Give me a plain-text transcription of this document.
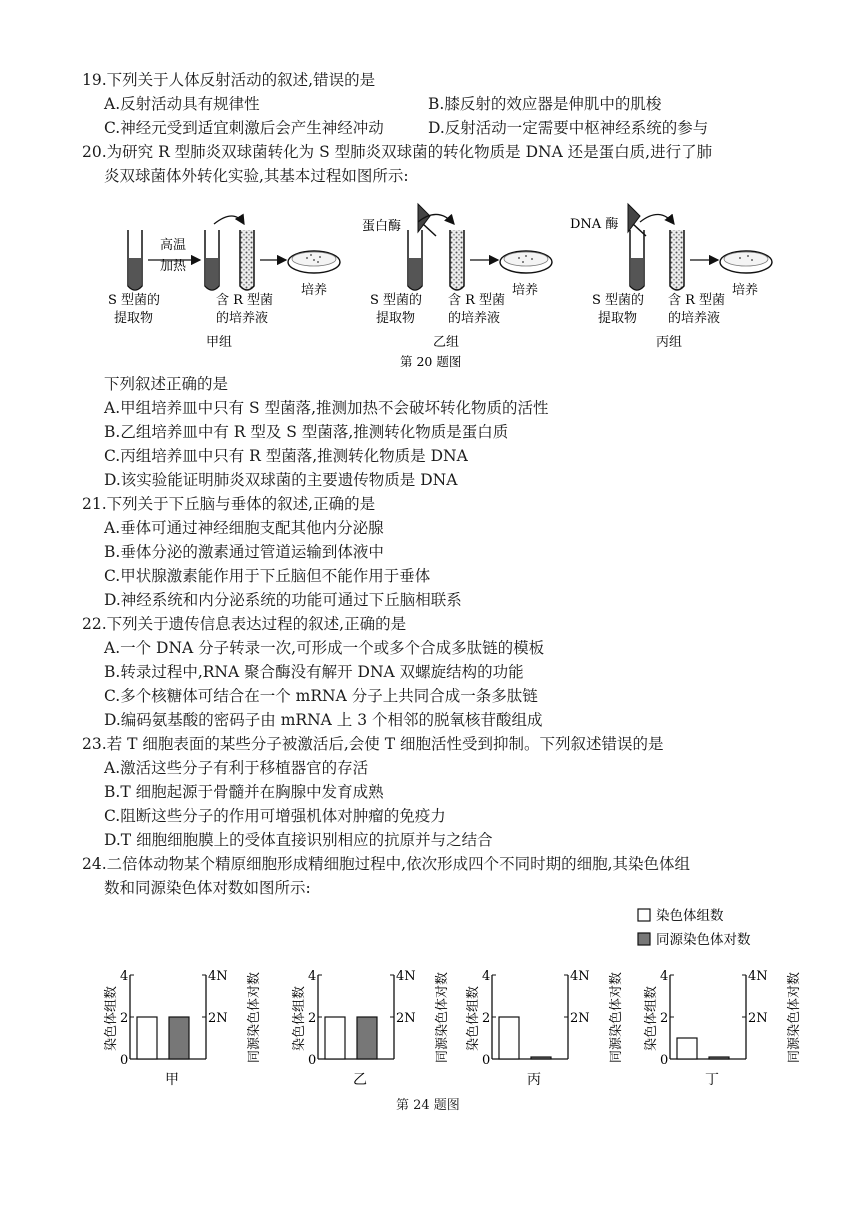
19.下列关于人体反射活动的叙述,错误的是
A.反射活动具有规律性	B.膝反射的效应器是伸肌中的肌梭
C.神经元受到适宜刺激后会产生神经冲动	D.反射活动一定需要中枢神经系统的参与
20.为研究 R 型肺炎双球菌转化为 S 型肺炎双球菌的转化物质是 DNA 还是蛋白质,进行了肺
炎双球菌体外转化实验,其基本过程如图所示:
高温
加热
培养
S 型菌的
提取物
含 R 型菌
的培养液
甲组
蛋白酶
培养
S 型菌的
提取物
含 R 型菌
的培养液
乙组
DNA 酶
培养
S 型菌的
提取物
含 R 型菌
的培养液
丙组
第 20 题图
下列叙述正确的是
A.甲组培养皿中只有 S 型菌落,推测加热不会破坏转化物质的活性
B.乙组培养皿中有 R 型及 S 型菌落,推测转化物质是蛋白质
C.丙组培养皿中只有 R 型菌落,推测转化物质是 DNA
D.该实验能证明肺炎双球菌的主要遗传物质是 DNA
21.下列关于下丘脑与垂体的叙述,正确的是
A.垂体可通过神经细胞支配其他内分泌腺
B.垂体分泌的激素通过管道运输到体液中
C.甲状腺激素能作用于下丘脑但不能作用于垂体
D.神经系统和内分泌系统的功能可通过下丘脑相联系
22.下列关于遗传信息表达过程的叙述,正确的是
A.一个 DNA 分子转录一次,可形成一个或多个合成多肽链的模板
B.转录过程中,RNA 聚合酶没有解开 DNA 双螺旋结构的功能
C.多个核糖体可结合在一个 mRNA 分子上共同合成一条多肽链
D.编码氨基酸的密码子由 mRNA 上 3 个相邻的脱氧核苷酸组成
23.若 T 细胞表面的某些分子被激活后,会使 T 细胞活性受到抑制。下列叙述错误的是
A.激活这些分子有利于移植器官的存活
B.T 细胞起源于骨髓并在胸腺中发育成熟
C.阻断这些分子的作用可增强机体对肿瘤的免疫力
D.T 细胞细胞膜上的受体直接识别相应的抗原并与之结合
24.二倍体动物某个精原细胞形成精细胞过程中,依次形成四个不同时期的细胞,其染色体组
数和同源染色体对数如图所示:
染色体组数
同源染色体对数
染色体组数	同源染色体对数
0
2
4
2N
4N
甲
染色体组数	同源染色体对数
0
2
4
2N
4N
乙
染色体组数	同源染色体对数
0
2
4
2N
4N
丙
染色体组数	同源染色体对数
0
2
4
2N
4N
丁
第 24 题图
